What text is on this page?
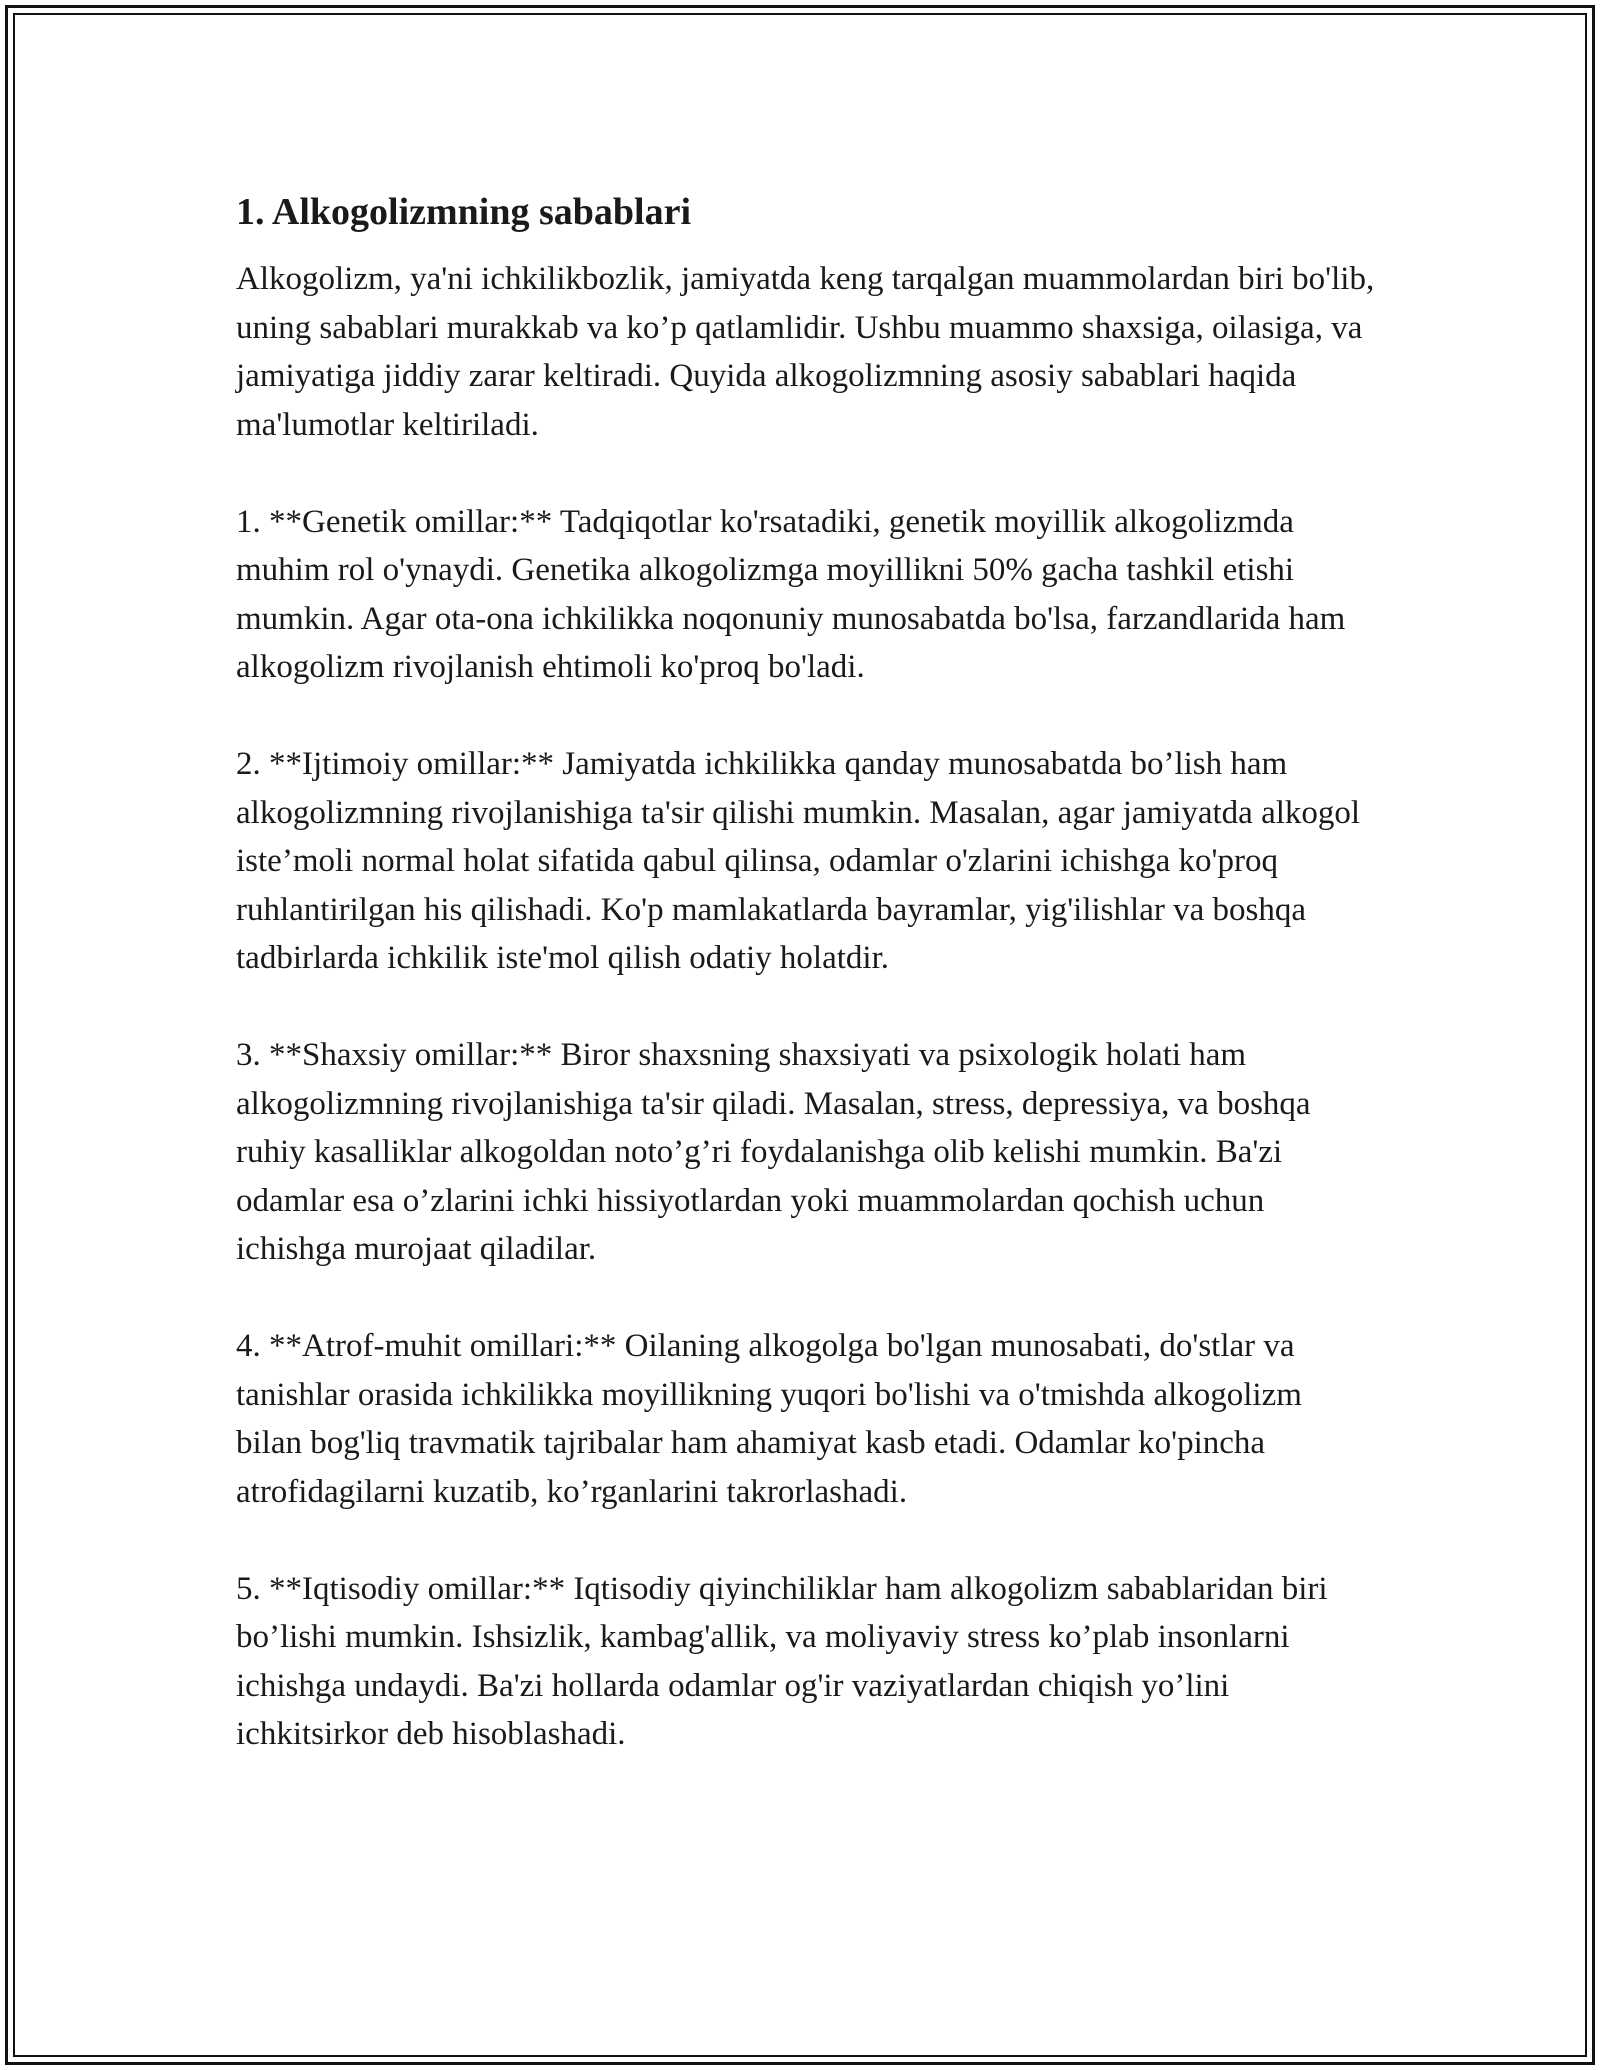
1. Alkogolizmning sabablari

Alkogolizm, ya'ni ichkilikbozlik, jamiyatda keng tarqalgan muammolardan biri bo'lib, uning sabablari murakkab va ko’p qatlamlidir. Ushbu muammo shaxsiga, oilasiga, va jamiyatiga jiddiy zarar keltiradi. Quyida alkogolizmning asosiy sabablari haqida ma'lumotlar keltiriladi.

1. **Genetik omillar:** Tadqiqotlar ko'rsatadiki, genetik moyillik alkogolizmda muhim rol o'ynaydi. Genetika alkogolizmga moyillikni 50% gacha tashkil etishi mumkin. Agar ota-ona ichkilikka noqonuniy munosabatda bo'lsa, farzandlarida ham alkogolizm rivojlanish ehtimoli ko'proq bo'ladi.

2. **Ijtimoiy omillar:** Jamiyatda ichkilikka qanday munosabatda bo’lish ham alkogolizmning rivojlanishiga ta'sir qilishi mumkin. Masalan, agar jamiyatda alkogol iste’moli normal holat sifatida qabul qilinsa, odamlar o'zlarini ichishga ko'proq ruhlantirilgan his qilishadi. Ko'p mamlakatlarda bayramlar, yig'ilishlar va boshqa tadbirlarda ichkilik iste'mol qilish odatiy holatdir.

3. **Shaxsiy omillar:** Biror shaxsning shaxsiyati va psixologik holati ham alkogolizmning rivojlanishiga ta'sir qiladi. Masalan, stress, depressiya, va boshqa ruhiy kasalliklar alkogoldan noto’g’ri foydalanishga olib kelishi mumkin. Ba'zi odamlar esa o’zlarini ichki hissiyotlardan yoki muammolardan qochish uchun ichishga murojaat qiladilar.

4. **Atrof-muhit omillari:** Oilaning alkogolga bo'lgan munosabati, do'stlar va tanishlar orasida ichkilikka moyillikning yuqori bo'lishi va o'tmishda alkogolizm bilan bog'liq travmatik tajribalar ham ahamiyat kasb etadi. Odamlar ko'pincha atrofidagilarni kuzatib, ko’rganlarini takrorlashadi.

5. **Iqtisodiy omillar:** Iqtisodiy qiyinchiliklar ham alkogolizm sabablaridan biri bo’lishi mumkin. Ishsizlik, kambag'allik, va moliyaviy stress ko’plab insonlarni ichishga undaydi. Ba'zi hollarda odamlar og'ir vaziyatlardan chiqish yo’lini ichkitsirkor deb hisoblashadi.
